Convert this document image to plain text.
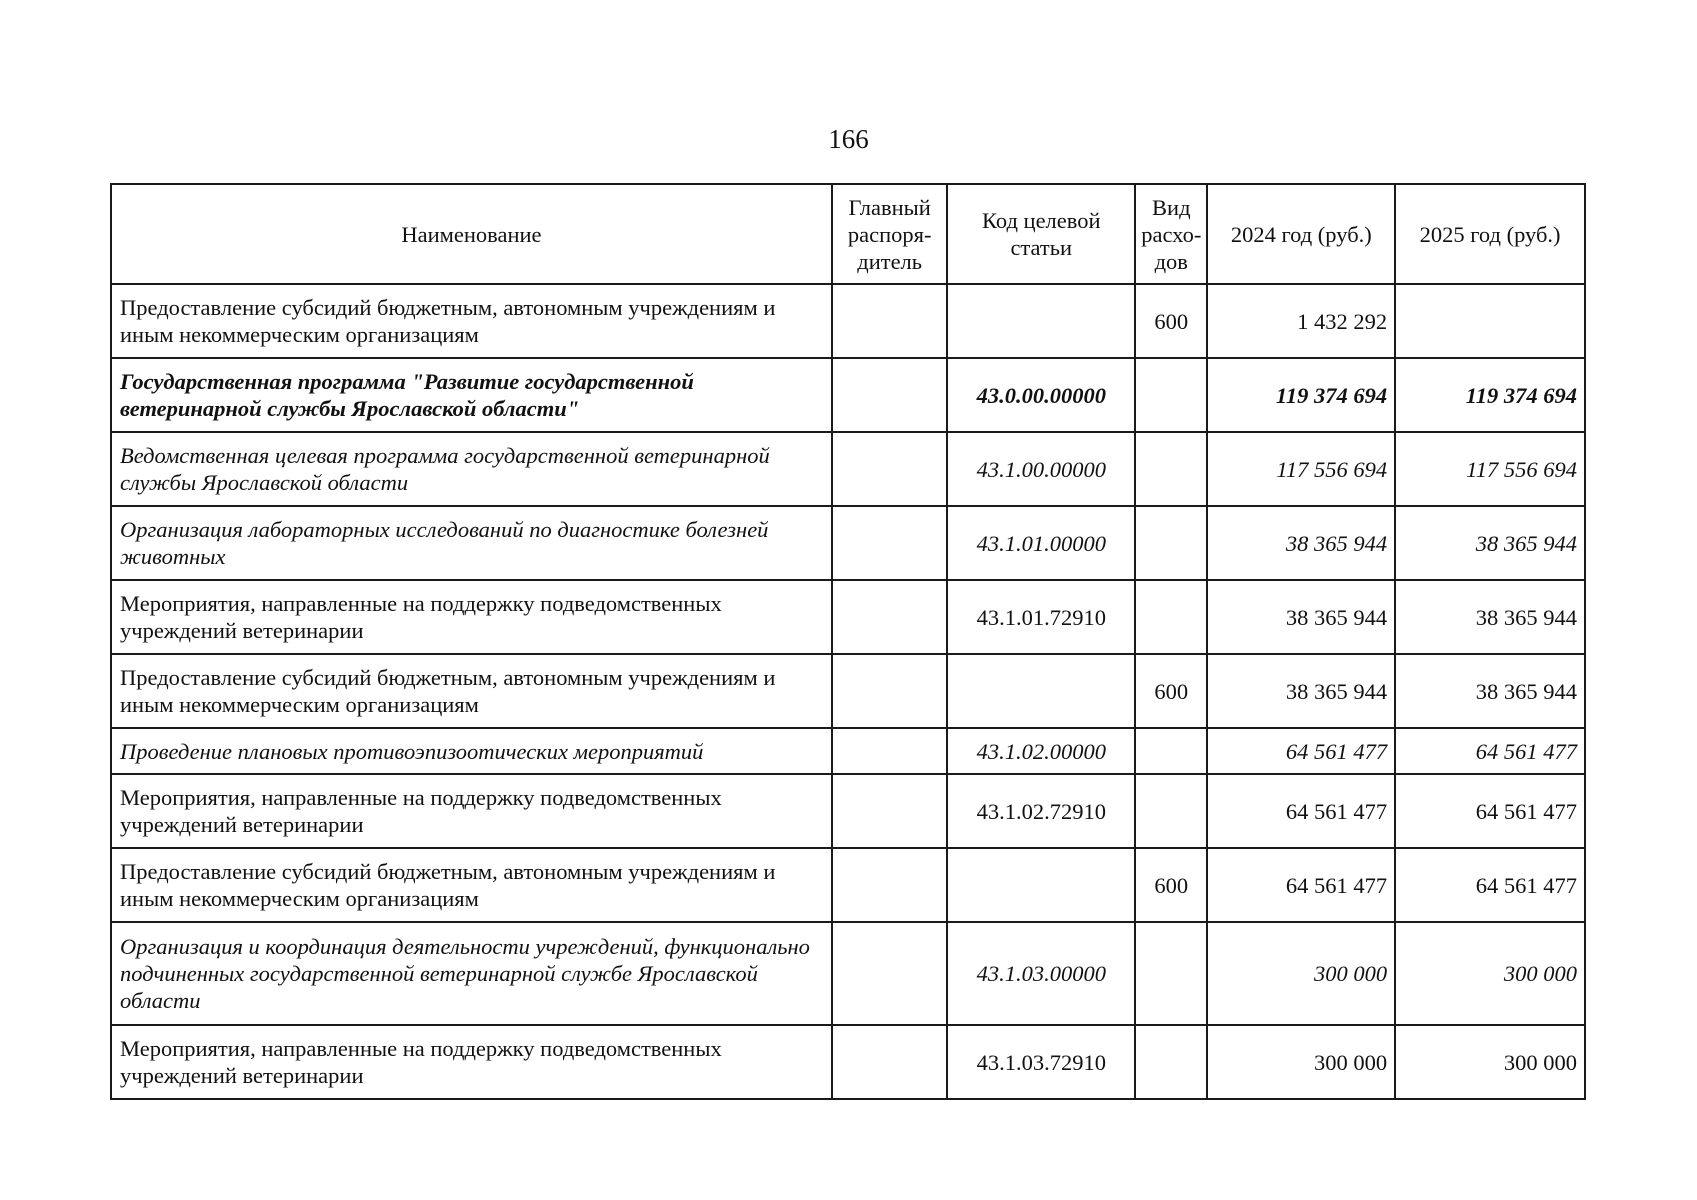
166
Наименование	Главный распоря-дитель	Код целевой статьи	Вид расхо-дов	2024 год (руб.)	2025 год (руб.)
Предоставление субсидий бюджетным, автономным учреждениям и иным некоммерческим организациям			600	1 432 292	
Государственная программа "Развитие государственной ветеринарной службы Ярославской области"		43.0.00.00000		119 374 694	119 374 694
Ведомственная целевая программа государственной ветеринарной службы Ярославской области		43.1.00.00000		117 556 694	117 556 694
Организация лабораторных исследований по диагностике болезней животных		43.1.01.00000		38 365 944	38 365 944
Мероприятия, направленные на поддержку подведомственных учреждений ветеринарии		43.1.01.72910		38 365 944	38 365 944
Предоставление субсидий бюджетным, автономным учреждениям и иным некоммерческим организациям			600	38 365 944	38 365 944
Проведение плановых противоэпизоотических мероприятий		43.1.02.00000		64 561 477	64 561 477
Мероприятия, направленные на поддержку подведомственных учреждений ветеринарии		43.1.02.72910		64 561 477	64 561 477
Предоставление субсидий бюджетным, автономным учреждениям и иным некоммерческим организациям			600	64 561 477	64 561 477
Организация и координация деятельности учреждений, функционально подчиненных государственной ветеринарной службе Ярославской области		43.1.03.00000		300 000	300 000
Мероприятия, направленные на поддержку подведомственных учреждений ветеринарии		43.1.03.72910		300 000	300 000
